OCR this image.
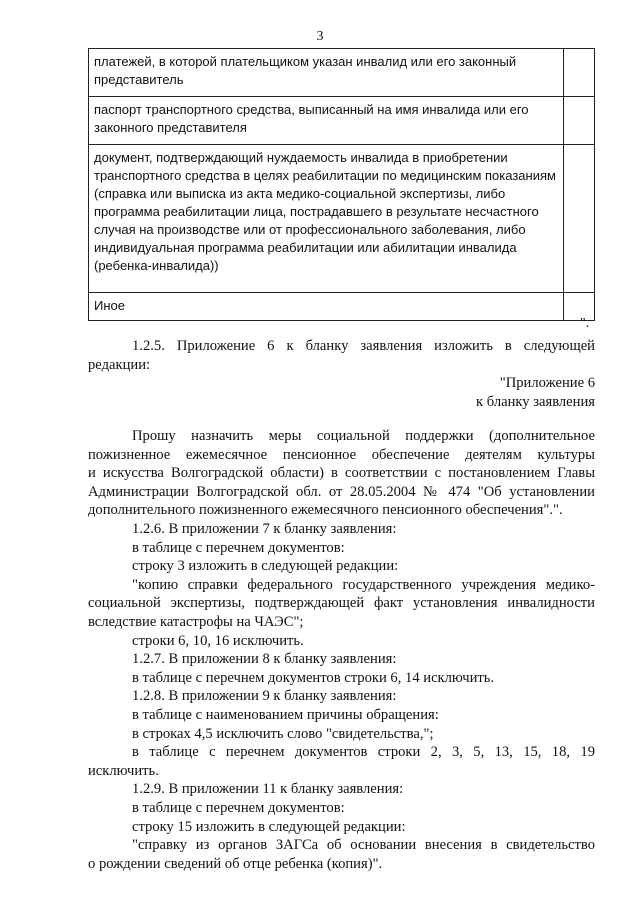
3
платежей, в которой плательщиком указан инвалид или его законный представитель	
паспорт транспортного средства, выписанный на имя инвалида или его законного представителя	
документ, подтверждающий нуждаемость инвалида в приобретении транспортного средства в целях реабилитации по медицинским показаниям (справка или выписка из акта медико-социальной экспертизы, либо программа реабилитации лица, пострадавшего в результате несчастного случая на производстве или от профессионального заболевания, либо индивидуальная программа реабилитации или абилитации инвалида (ребенка-инвалида))	
Иное	
".
1.2.5. Приложение 6 к бланку заявления изложить в следующей
редакции:
"Приложение 6
к бланку заявления
Прошу назначить меры социальной поддержки (дополнительное
пожизненное ежемесячное пенсионное обеспечение деятелям культуры
и искусства Волгоградской области) в соответствии с постановлением Главы
Администрации Волгоградской обл. от 28.05.2004 № 474 "Об установлении
дополнительного пожизненного ежемесячного пенсионного обеспечения".".
1.2.6. В приложении 7 к бланку заявления:
в таблице с перечнем документов:
строку 3 изложить в следующей редакции:
"копию справки федерального государственного учреждения медико-
социальной экспертизы, подтверждающей факт установления инвалидности
вследствие катастрофы на ЧАЭС";
строки 6, 10, 16 исключить.
1.2.7. В приложении 8 к бланку заявления:
в таблице с перечнем документов строки 6, 14 исключить.
1.2.8. В приложении 9 к бланку заявления:
в таблице с наименованием причины обращения:
в строках 4,5 исключить слово "свидетельства,";
в таблице с перечнем документов строки 2, 3, 5, 13, 15, 18, 19
исключить.
1.2.9. В приложении 11 к бланку заявления:
в таблице с перечнем документов:
строку 15 изложить в следующей редакции:
"справку из органов ЗАГСа об основании внесения в свидетельство
о рождении сведений об отце ребенка (копия)".
